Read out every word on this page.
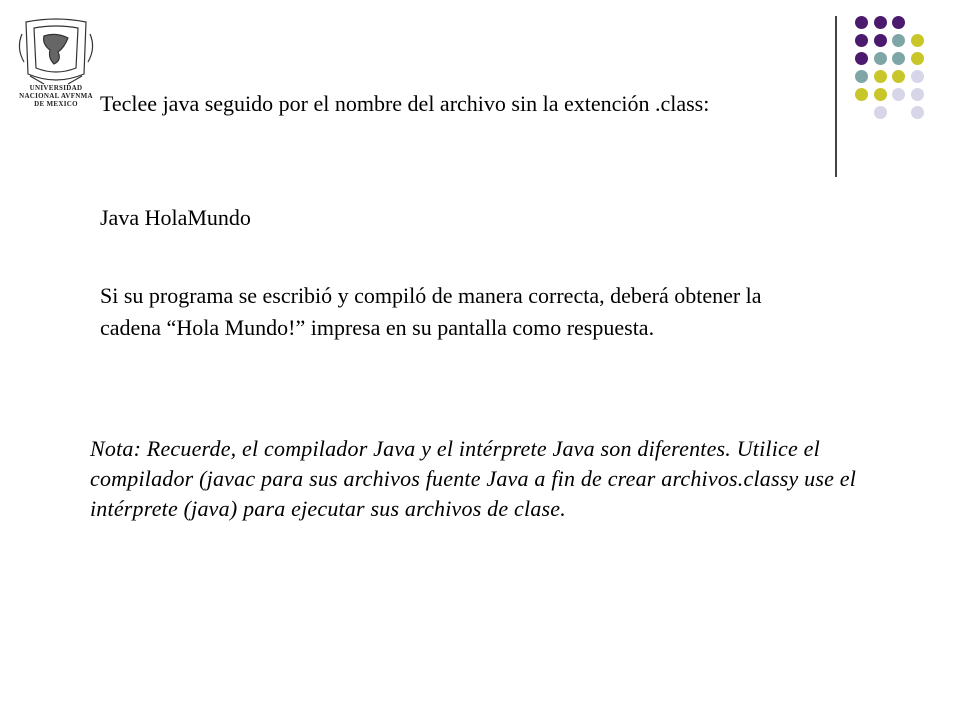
UNIVERSIDAD NACIONAL AVFNMA DE MEXICO	Teclee java seguido por el nombre del archivo sin la extención .class:

Java HolaMundo

Si su programa se escribió y compiló de manera correcta, deberá obtener la cadena “Hola Mundo!” impresa en su pantalla como respuesta.

Nota: Recuerde, el compilador Java y el intérprete Java son diferentes. Utilice el compilador (javac para sus archivos fuente Java a fin de crear archivos.classy use el intérprete (java) para ejecutar sus archivos de clase.
